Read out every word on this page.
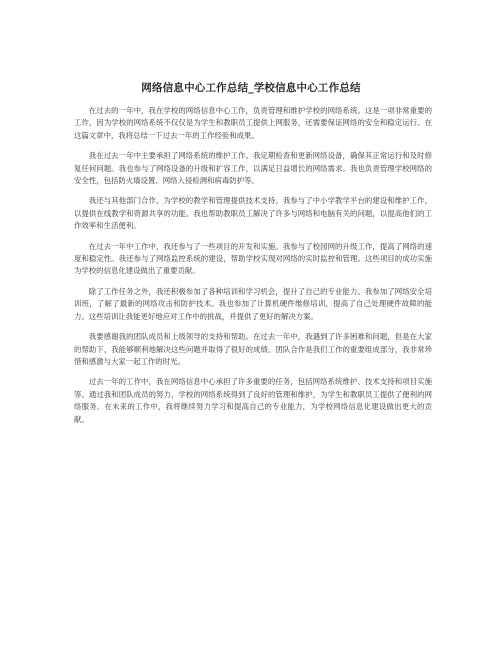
网络信息中心工作总结_学校信息中心工作总结

在过去的一年中，我在学校的网络信息中心工作，负责管理和维护学校的网络系统。这是一项非常重要的工作，因为学校的网络系统不仅仅是为学生和教职员工提供上网服务，还需要保证网络的安全和稳定运行。在这篇文章中，我将总结一下过去一年的工作经验和成果。

我在过去一年中主要承担了网络系统的维护工作。我定期检查和更新网络设备，确保其正常运行和及时修复任何问题。我也参与了网络设备的升级和扩容工作，以满足日益增长的网络需求。我也负责管理学校网络的安全性，包括防火墙设置、网络入侵检测和病毒防护等。

我还与其他部门合作，为学校的教学和管理提供技术支持。我参与了中小学教学平台的建设和维护工作，以提供在线教学和资源共享的功能。我也帮助教职员工解决了许多与网络和电脑有关的问题，以提高他们的工作效率和生活便利。

在过去一年中工作中，我还参与了一些项目的开发和实施。我参与了校园网的升级工作，提高了网络的速度和稳定性。我还参与了网络监控系统的建设，帮助学校实现对网络的实时监控和管理。这些项目的成功实施为学校的信息化建设做出了重要贡献。

除了工作任务之外，我还积极参加了各种培训和学习机会，提升了自己的专业能力。我参加了网络安全培训班，了解了最新的网络攻击和防护技术。我也参加了计算机硬件维修培训，提高了自己处理硬件故障的能力。这些培训让我能更好地应对工作中的挑战，并提供了更好的解决方案。

我要感谢我的团队成员和上级领导的支持和帮助。在过去一年中，我遇到了许多困难和问题，但是在大家的帮助下，我能够顺利地解决这些问题并取得了很好的成绩。团队合作是我们工作的重要组成部分，我非常珍惜和感激与大家一起工作的时光。

过去一年的工作中，我在网络信息中心承担了许多重要的任务，包括网络系统维护、技术支持和项目实施等。通过我和团队成员的努力，学校的网络系统得到了良好的管理和维护，为学生和教职员工提供了便利的网络服务。在未来的工作中，我将继续努力学习和提高自己的专业能力，为学校网络信息化建设做出更大的贡献。
